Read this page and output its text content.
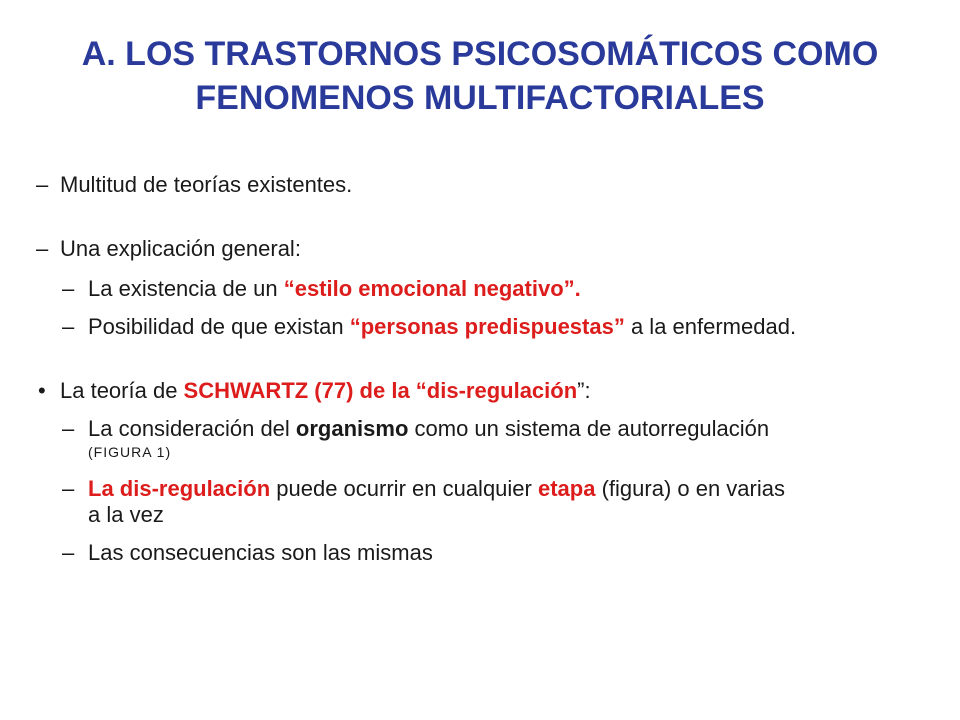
A. LOS TRASTORNOS PSICOSOMÁTICOS COMO
FENOMENOS MULTIFACTORIALES
– Multitud de teorías existentes.
– Una explicación general:
– La existencia de un “estilo emocional negativo”.
– Posibilidad de que existan “personas predispuestas” a la enfermedad.
• La teoría de SCHWARTZ (77) de la “dis-regulación”:
– La consideración del organismo como un sistema de autorregulación
(FIGURA 1)
– La dis-regulación puede ocurrir en cualquier etapa (figura) o en varias
a la vez
– Las consecuencias son las mismas
